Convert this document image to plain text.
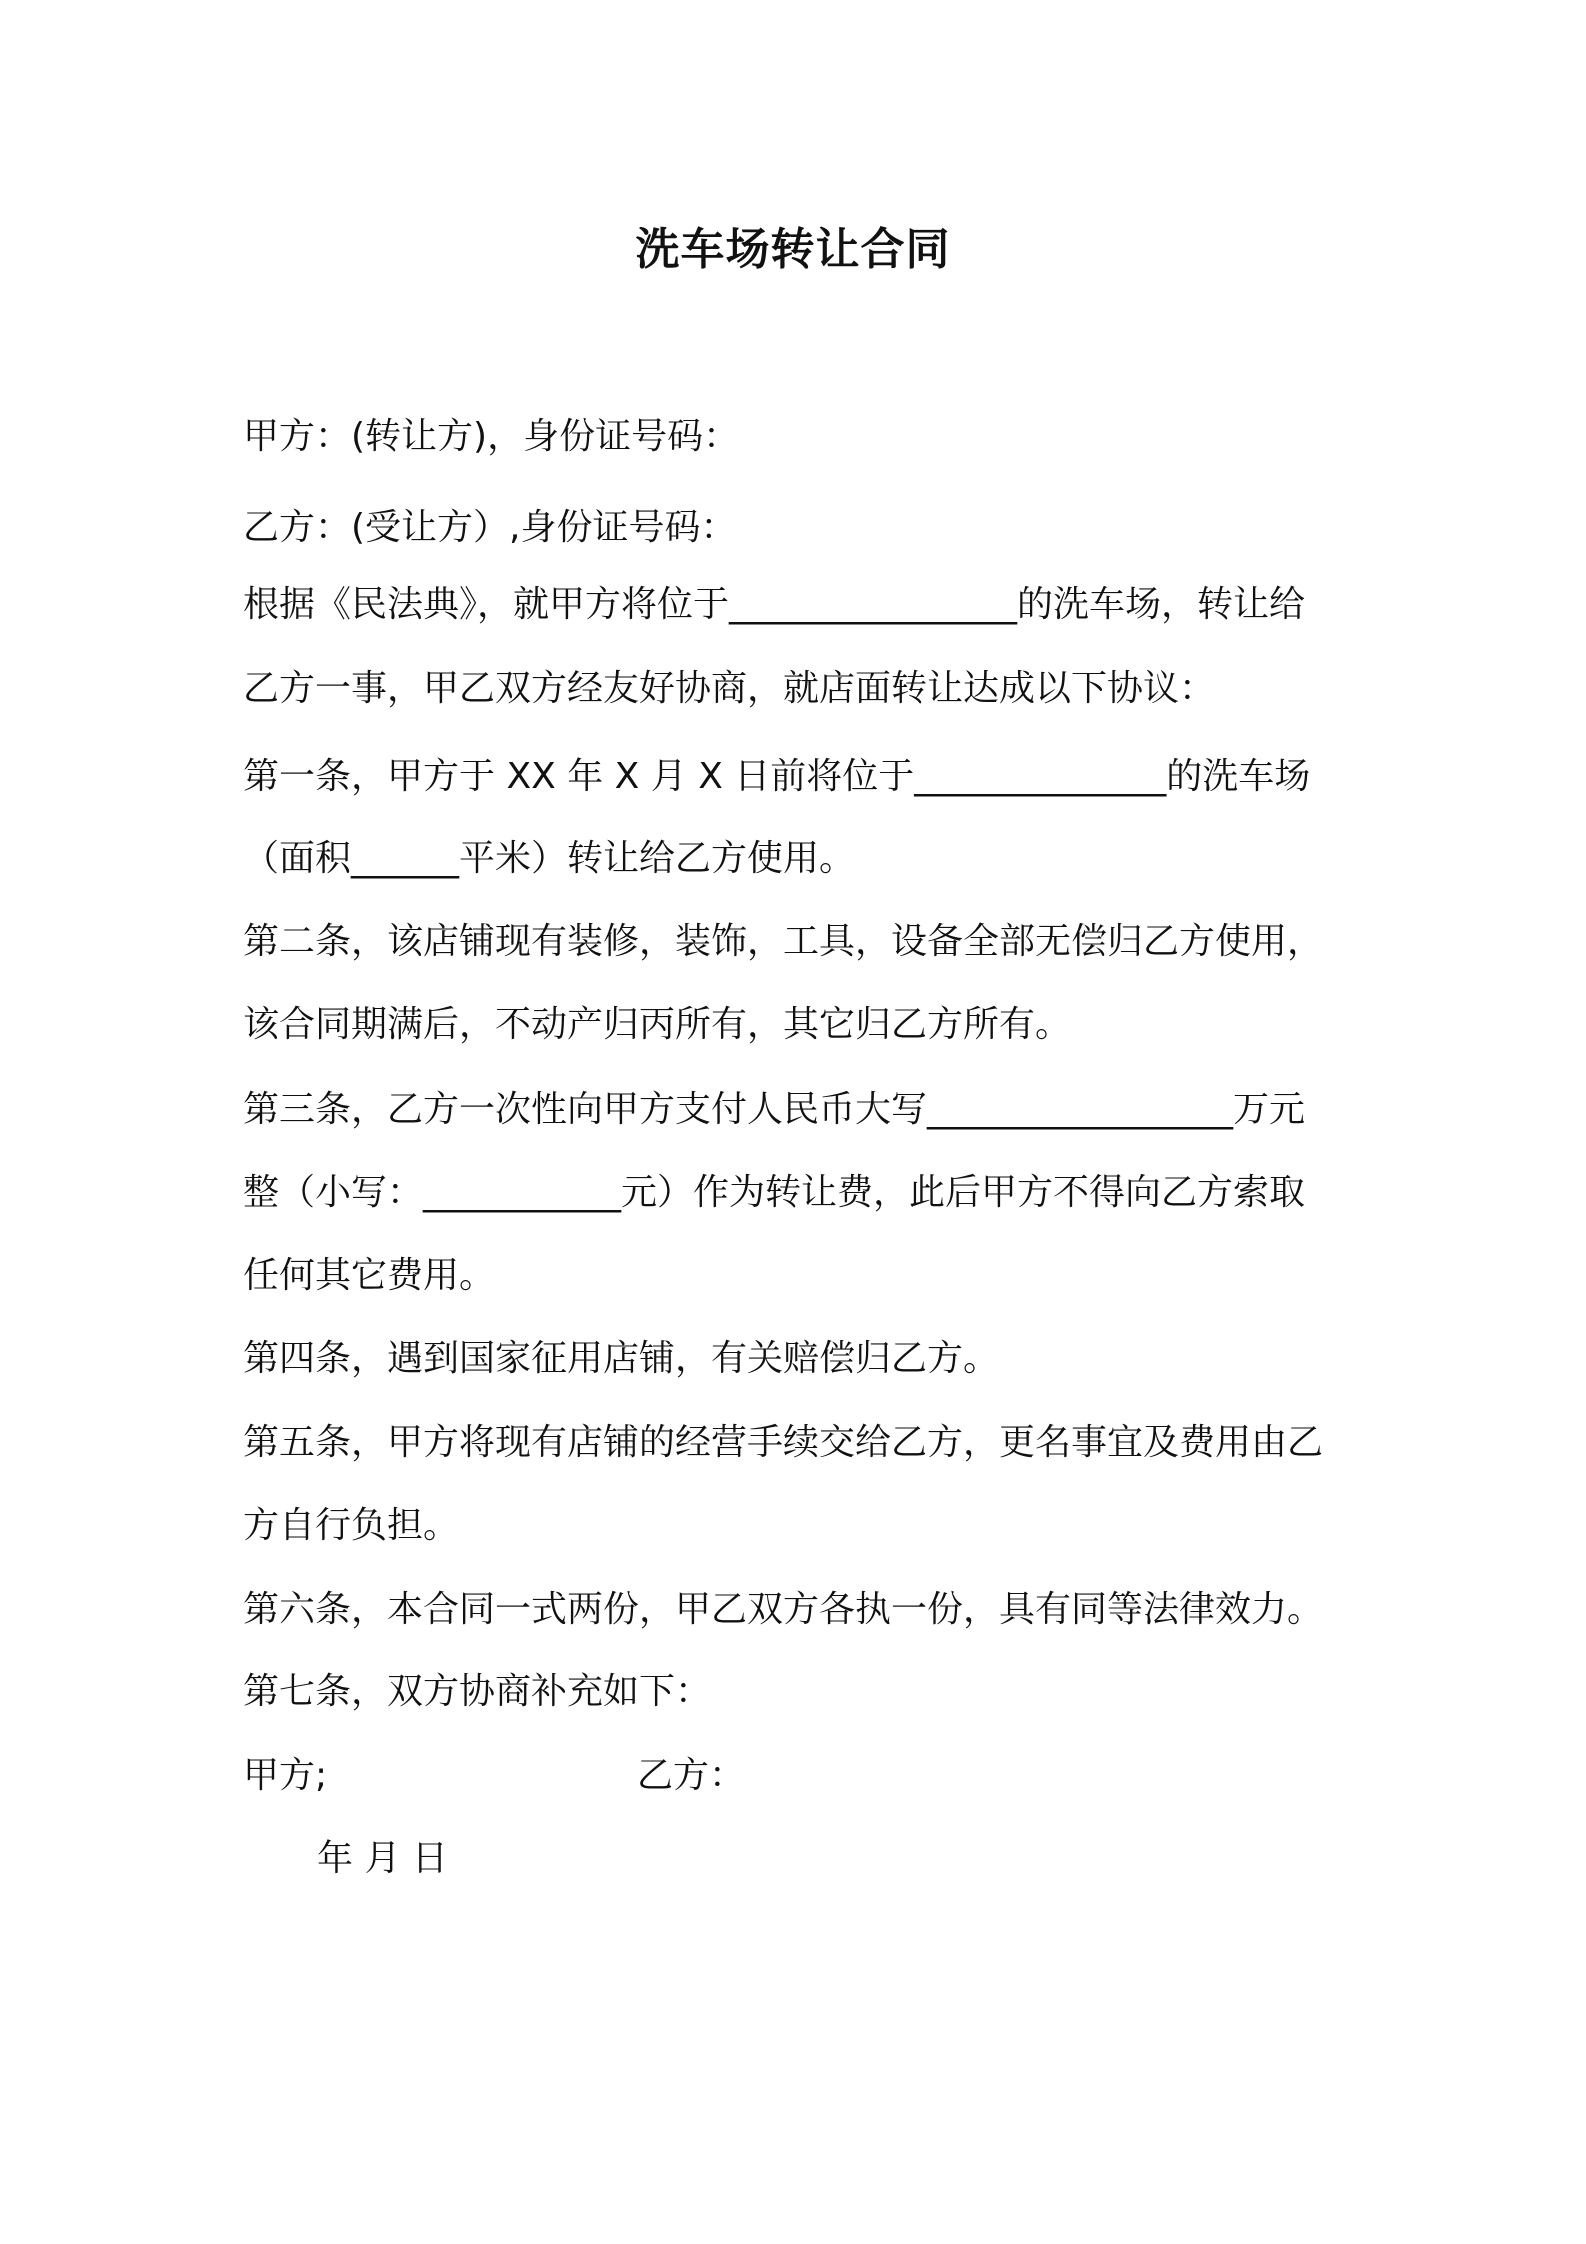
洗车场转让合同
甲方：(转让方)，身份证号码：
乙方：(受让方）,身份证号码：
根据《民法典》，就甲方将位于________________的洗车场，转让给
乙方一事，甲乙双方经友好协商，就店面转让达成以下协议：
第一条，甲方于 XX 年 X 月 X 日前将位于______________的洗车场
（面积______平米）转让给乙方使用。
第二条，该店铺现有装修，装饰，工具，设备全部无偿归乙方使用，
该合同期满后，不动产归丙所有，其它归乙方所有。
第三条，乙方一次性向甲方支付人民币大写_________________万元
整（小写：___________元）作为转让费，此后甲方不得向乙方索取
任何其它费用。
第四条，遇到国家征用店铺，有关赔偿归乙方。
第五条，甲方将现有店铺的经营手续交给乙方，更名事宜及费用由乙
方自行负担。
第六条，本合同一式两份，甲乙双方各执一份，具有同等法律效力。
第七条，双方协商补充如下：
甲方;	乙方：
年 月 日
